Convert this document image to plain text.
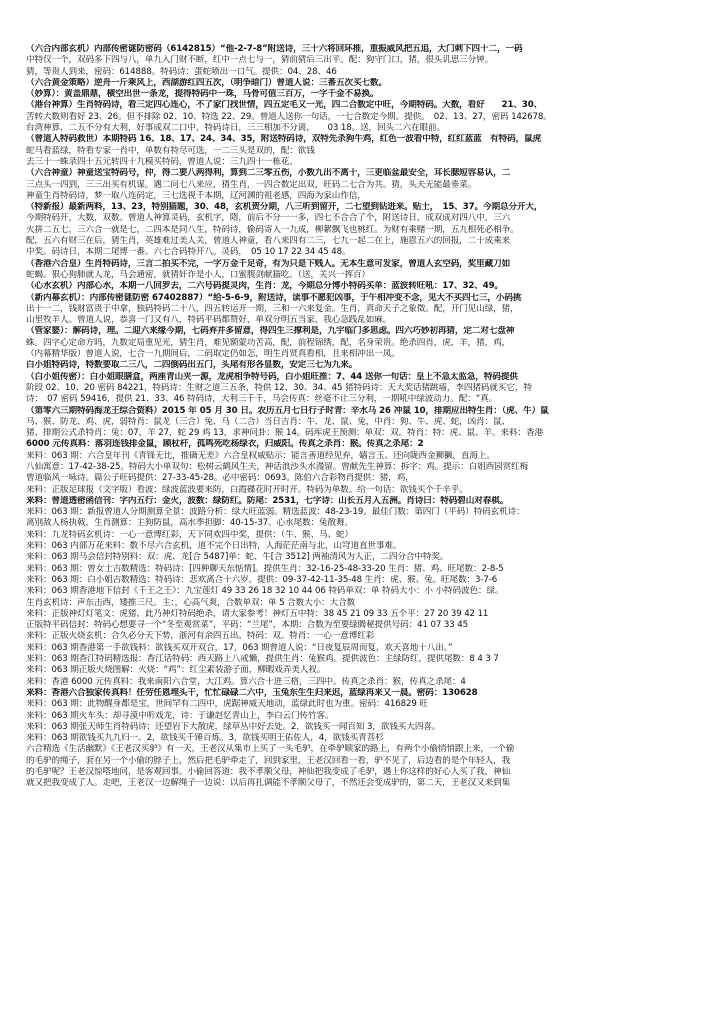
（六合内部玄机）内部传密谜防密码（6142815）“他-2-7-8”附送诗，三十六将回环推，重振威风把五追，大门刺下四十二，一码
中特仅一个，双码多下四与八，单九入门财不断，红中一点七与一，猜前猜后三出平。配：狗守门口，猪，很头讥思三分钟。
猜，等贵人到来，密码：614888。特码诗：蛋蛇喷出一口气。提供：04、28、46
（六合黄金策略）逆舟一斤乘风上，西湖游红四五次，（明争暗门）曾道人说：三番五次买七数。
（妙算）：黄盖鼎鼎，横空出世一条龙，提得特码中一珠，马骨可值三百万，一字千金不易换。
（港台神算）生肖特码诗，看三定四心连心，不了家门找世情，四五定毛又一光，四二合数定中旺，今期特码。大数，看好　　21、30、
苦转大数则看好 23、26。但不排除 02、10、特选 22、29。曾道人送你一句话，一七合数定今期。提供。　02、13、27，密码 142678。
台湾神算，二五不分有大利，好事成双二口中，特码诗日，三三相加不分离，　　03 18。送，回头二六在眼前。
（曾道人特码救世）本期特码 16、18、17、24、34、35，附送特码诗，双特先杀狗牛鸡，红色一波看中特，红红蓝蓝　有特码，鼠虎
蛇马看蓝绿，特看专家一肖中，单数有特尽可选，一二三头是双的，配：欲钱
去三十一蛛录四十五元转四十九模买特码，曾道人说：三九四十一栋花。
（六合神童）神童送宝特码号，仲，得二要八两得利，算到二三零五伤，小数九出不离十，三更临盆最安全，耳长腮短容易认，二
三点头一四到，三三出买有机谋。遇二问七八来应，猜生肖，一四合数定出双，旺码二七合为共。猜，头夫无能最垂菜。
神童生肖特码诗，梦一取八连码定，三七选视千本期，辽河渊的祖老感，四海为家山作信，
（特新报）最新两料，13、23，特别猫题，30、48，玄机贺分期，八三听到留开，二七望到钻进来。贴士，　15、37。今期总分开大，
今期特码开，大数，双数。曾道人神算灵码，玄机字，隋，前后不分一一多，四七不合合了个，附送诗日，成双成对四八中，三六
火拼二五七，三六合一就是七，二四本是同八生，特码诗，偷码寄入一九成，柳絮飘飞也桃红。为财有乘赌一期，五九相死必相争。
配，五六有财三在后，猜生肖，英雄难过美人关，曾道人神童，看八来四有二三，七九一起二在上，施恩五六的回报，二十成乘来
中奖。码诗日，本期二尾博一番。六七合码特开八。灵码，　05 10 17 22 34 45 48。
（香港六合皇）生肖特码诗，三言二拍买不完，一字万金千足奇，有为只是下贱人。无本生意可发家，曾道人玄空码，奖里藏刀如
蛇蝎。狠心狗肺就人龙，马会通密，就猜奸诈是小人，口蜜腹剑献猫吃。（送，关兴一挥百）
（心水玄机）内部心水，本期一八回罗去，二六号码提灵肉，生肖：龙，今期总分博小特码买单：蓝波转旺吼：17、32、49。
（新内幕玄机）：内部传密谜防密 67402887）“给-5-6-9，附送诗，读事不愿犯凶事，于午相冲变不念，见大不买四七三，小码挑
出十一二，钱财富贵于中拿，独码特码二十八，四五转运开一期，三和一六来复金。生肖，真命天子之象徵。配，开门见山绿，猪，
山里牧羊人。曾道人说，恭喜一门又有八，特码平码都赞好，单双分明五当家，我心急践乱如麻。
（管家婆）：解码诗，理。二迎六来缘今期，七码弃并多留意，得四生三撑利是，九宇临门多思虑。四六巧妙初再猜，定二对七盘神
蛛。四字心定命方吗，九数定局重见光，猜生肖，难见额蒙功苦高，配，前程锦绣，配，名身荣贵。绝杀四肖，虎，羊，猪，鸡，
（内幕精华版）曾道人说，七合一九期间后，二码取定仍如怎，明生肖贤真看相，且来相冲出一凤。
白小姐特码诗，特数要取二三八，二四倒码出五门，头尾有形各显数，安定三七为九来。
（白小姐传密）：白小姐眼膳盒，两座青山夹一源，龙虎相争特号码，白小姐旺推：7、44 送你一句话：皇上不急太监急，特码提供
阶段 02、10、20 密码 84221，特码诗：生财之道三五条，特供 12、30、34、45 猪特码诗：天大奖话猪跳墙，李四猪码就买它，特
诗：　07 密码 59416，提供 21、33、46 特码诗，大利三千千，马会传真：丝毫不让三分利，一期吼中绿波动力。配：“真。
（第零六三期特码海龙王综合资料）2015 年 05 月 30 日。农历五月七日行子时青：辛水马 26 冲鼠 10，排期应出特生肖：（虎、牛）鼠
马、猴、防龙、鸡、虎，弱特肖：鼠龙（三合）兔、马（二合）当日吉肖：牛、龙、鼠、兔，中肖：狗、牛、虎、蛇，凶肖：鼠、
猪、排期公式杀特肖：兔：07，羊 27，蛇 29 鸡 13，求神问卦：猴 14。码库虎王预测：单双：双。特肖：特：虎、鼠、羊。来料：香港
6000 元传真料：落羽连钱排金鼠，顾杖杆，孤鸣死吃杨绿衣，归威阳。传真之杀肖：猴。传真之杀尾：2
来料：063 期：六合皇年刊《青锋无比，推确无差》六合皇权威贴示：能言善道经见弃，嫱言玉。还向陇西金狮獭，直海上。
八仙寓意：17-42-38-25。特码大小单双句：松树云鹤风生夫，神话浪沙头水漫留。曾献先生神算：拆字：鸡。提示：白姐西园赏红梅
曾道临风一咏诗。篇公子旺码提供：27-33-45-28。必中密码：0693。陈伯六合彩物肖提供：猪，鸡，
来料：正版足球报（文字版）看波：绿波蓝波要来防，白霞碟花时开时开。特码为单数。给一句话：欲钱买个千辛乎。
来料：曾道透密函信刊：字内五行：金火，波数：绿防红。防尾：2531，七字诗：山长五月入五洲。肖诗曰：特码碧山对春棋。
来料：063 期：新报曾道人分期测算全景：波路分析：绿大旺蓝弱。精选蓝波：48-23-19。最佳门数：第四门（平码）特码玄机诗：
离别敌人杨执戟，生肖测算：主狗防鼠，高水季担脚：40-15-37。心水尾数：兔散舞。
来料：九龙特码玄机诗：一心一意博红彩，天下同欢四中奖，提供：（牛、猴、马、蛇）
来料：063 内部万花来料：数不尽六合玄机，道不完个日出特，人海茫茫南与北，山穹道直世事难。
来料：063 期马会信封特别料：双：虎、龙[合 5487]单：蛇、牛[合 3512] 两袖清风为人正，二四分合中特奖。
来料：063 期：曾女士吉数精选：特码诗：[四种聊天东惦情]。提供生肖：32-16-25-48-33-20 生肖：猪、鸡、旺尾数：2-8-5
来料：063 期：白小姐吉数精选：特码诗：悲欢离合十六岁。提供：09-37-42-11-35-48 生肖：虎、猴、兔。旺尾数：3-7-6
来料：063 期香港地下信封《千王之王》：九宝莲灯 49 33 26 18 32 10 44 06 特码单双：单 特码大小：小 小特码波色：绿。
生肖玄机诗：声东击西，矮推三尺。主：，心高气爽，合数单双：单 5 合数大小：大合数
来料：正版神灯灯笔文：虎猪，此乃神灯特码绝杀，请大家参考！神灯五中特：38 45 21 09 33 五个平：27 20 39 42 11
正版特平码信封：特码心想要寻一个“冬至观赏菜”，平码：“兰尾”，本期：合数为至要绿腾秘提供号码：41 07 33 45
来料：正版火烧玄机：合久必分天下势，浙河有余四五出。特码：双。特肖：一心一意博红彩
来料：063 期香港第一手欲钱料：欲钱买双开双合，17，063 期曾道人说：“日夜复辰周而复，欢天喜地十八出。”
来料：063 期香江特码精选报：香江话特码：西天路上八戒懒，提供生肖：兔猴鸡。提供波色：主绿防红，提供尾数：8 4 3 7
来料：063 期正版火烧图解：火烧：“鸡”：红尘素装游子面，柳暇戏弄美人衩。
来料：香港 6000 元传真料：我来南阳六合堂，大江鸡。算六合十进三格，三四中。传真之杀肖：猴，传真之杀尾：4
来料：香港六合独家传真料！任劳任恩埋头干，忙忙碌碌二六中，玉兔东生生归来迟，蓝绿再来又一晨。密码：130628
来料：063 期：此物醒身都是宝，世间罕有二四中，虎踞神威天地动，蓝绿此时也为重。密码：416829 旺
来料：063 期火车头：却寻漠中听戏龙，诗：于谦赵忆青山上，李白云门传竹客。
来料：063 期张天师生肖特码诗；还望岩下大散虎，绿草丛中好去处。2，欲钱买一闻百知 3，欲钱买大四喜。
来料：063 期欲钱买九九归一。2，欲钱买千锤百炼。3，欲钱买明王佑佐人，4，欲钱买青菩杉
六合精选《生活幽默》《王老汉买驴》有一天，王老汉从集市上买了一头毛驴，在牵驴顺家的路上，有两个小偷悄悄跟上来，一个偷
的毛驴的绳子，套在另一个小偷的脖子上，然后把毛驴牵走了，回到家里，王老汉回看一看，驴不见了，后边看的是个年轻人，我
的毛驴呢？王老汉惊嗒地问，是客观回事。小偷回答道：我不孝顺父母，神仙把我变成了毛驴，遇上你这样的好心人买了我，神仙
就又把我变成了人。走吧，王老汉一边解绳子一边说：以后再扎调能不孝顺父母了，不然还会变成驴的，第二天，王老汉又来到集
